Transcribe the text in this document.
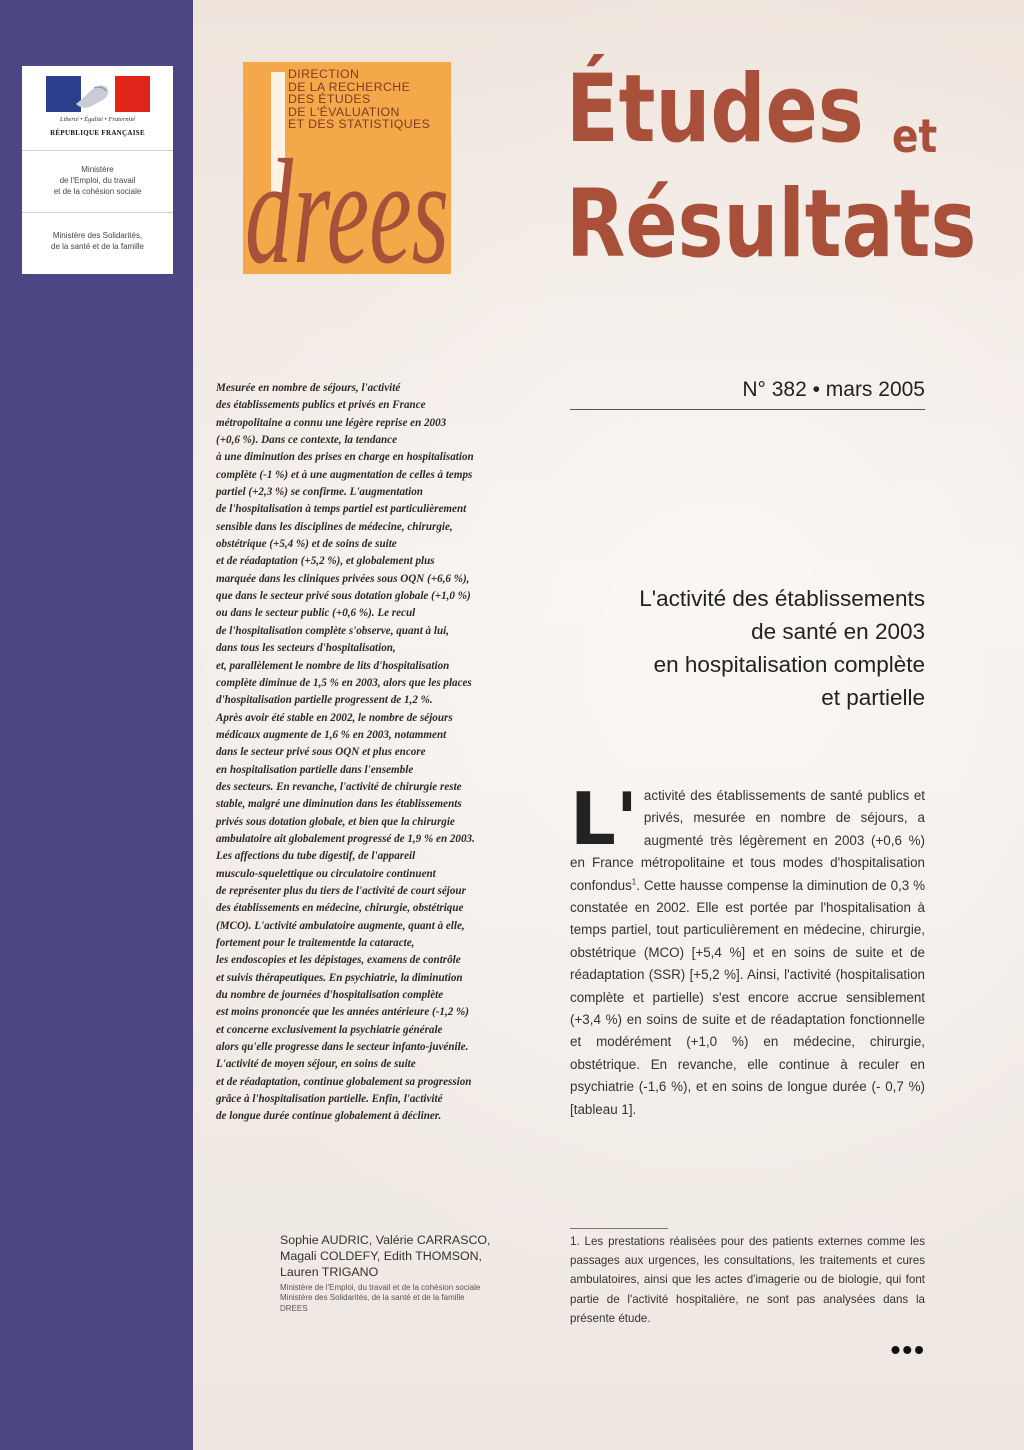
Liberté • Égalité • Fraternité
RÉPUBLIQUE FRANÇAISE
Ministère
de l'Emploi, du travail
et de la cohésion sociale
Ministère des Solidarités,
de la santé et de la famille drees
DIRECTION
DE LA RECHERCHE
DES ÉTUDES
DE L'ÉVALUATION
ET DES STATISTIQUES Études et
Résultats
N° 382 • mars 2005
Mesurée en nombre de séjours, l'activité
des établissements publics et privés en France
métropolitaine a connu une légère reprise en 2003
(+0,6 %). Dans ce contexte, la tendance
à une diminution des prises en charge en hospitalisation
complète (-1 %) et à une augmentation de celles à temps
partiel (+2,3 %) se confirme. L'augmentation
de l'hospitalisation à temps partiel est particulièrement
sensible dans les disciplines de médecine, chirurgie,
obstétrique (+5,4 %) et de soins de suite
et de réadaptation (+5,2 %), et globalement plus
marquée dans les cliniques privées sous OQN (+6,6 %),
que dans le secteur privé sous dotation globale (+1,0 %)
ou dans le secteur public (+0,6 %). Le recul
de l'hospitalisation complète s'observe, quant à lui,
dans tous les secteurs d'hospitalisation,
et, parallèlement le nombre de lits d'hospitalisation
complète diminue de 1,5 % en 2003, alors que les places
d'hospitalisation partielle progressent de 1,2 %.
Après avoir été stable en 2002, le nombre de séjours
médicaux augmente de 1,6 % en 2003, notamment
dans le secteur privé sous OQN et plus encore
en hospitalisation partielle dans l'ensemble
des secteurs. En revanche, l'activité de chirurgie reste
stable, malgré une diminution dans les établissements
privés sous dotation globale, et bien que la chirurgie
ambulatoire ait globalement progressé de 1,9 % en 2003.
Les affections du tube digestif, de l'appareil
musculo-squelettique ou circulatoire continuent
de représenter plus du tiers de l'activité de court séjour
des établissements en médecine, chirurgie, obstétrique
(MCO). L'activité ambulatoire augmente, quant à elle,
fortement pour le traitementde la cataracte,
les endoscopies et les dépistages, examens de contrôle
et suivis thérapeutiques. En psychiatrie, la diminution
du nombre de journées d'hospitalisation complète
est moins prononcée que les années antérieure (-1,2 %)
et concerne exclusivement la psychiatrie générale
alors qu'elle progresse dans le secteur infanto-juvénile.
L'activité de moyen séjour, en soins de suite
et de réadaptation, continue globalement sa progression
grâce à l'hospitalisation partielle. Enfin, l'activité
de longue durée continue globalement à décliner.
L'activité des établissements
de santé en 2003
en hospitalisation complète
et partielle
L' activité des établissements de santé publics et privés, mesurée en nombre de séjours, a augmenté très légèrement en 2003 (+0,6 %) en France métropolitaine et tous modes d'hospitalisation confondus$^1$. Cette hausse compense la diminution de 0,3 % constatée en 2002. Elle est portée par l'hospitalisation à temps partiel, tout particulièrement en médecine, chirurgie, obstétrique (MCO) [+5,4 %] et en soins de suite et de réadaptation (SSR) [+5,2 %]. Ainsi, l'activité (hospitalisation complète et partielle) s'est encore accrue sensiblement (+3,4 %) en soins de suite et de réadaptation fonctionnelle et modérément (+1,0 %) en médecine, chirurgie, obstétrique. En revanche, elle continue à reculer en psychiatrie (-1,6 %), et en soins de longue durée (- 0,7 %) [tableau 1].
1. Les prestations réalisées pour des patients externes comme les passages aux urgences, les consultations, les traitements et cures ambulatoires, ainsi que les actes d'imagerie ou de biologie, qui font partie de l'activité hospitalière, ne sont pas analysées dans la présente étude.
Sophie AUDRIC, Valérie CARRASCO,
Magali COLDEFY, Edith THOMSON,
Lauren TRIGANO
Ministère de l'Emploi, du travail et de la cohésion sociale
Ministère des Solidarités, de la santé et de la famille
DREES
•••
